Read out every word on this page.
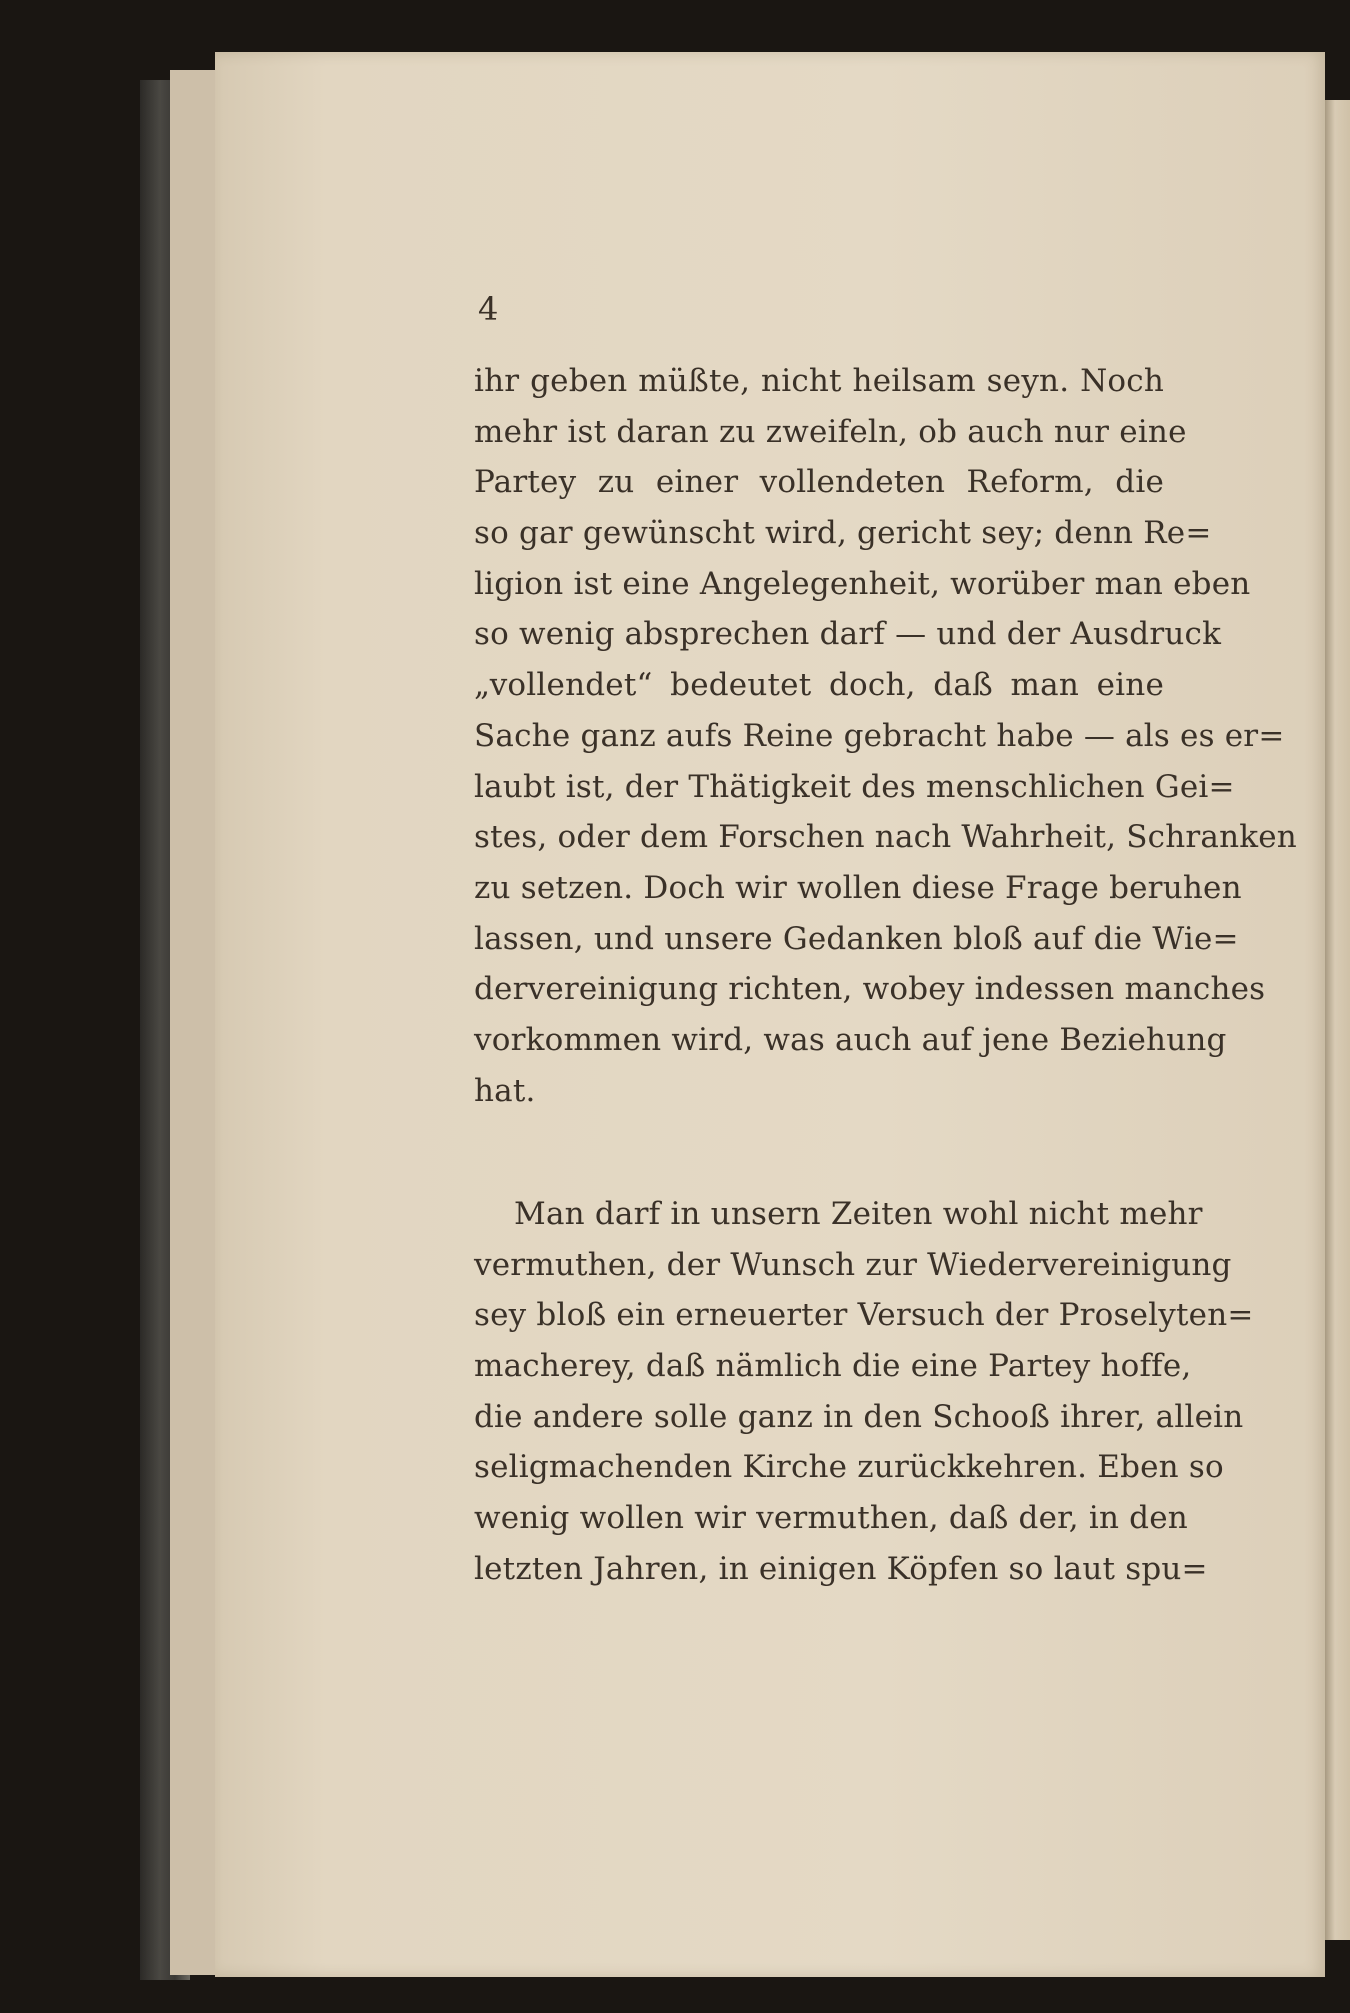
4
ihr geben müßte, nicht heilsam seyn. Noch
mehr ist daran zu zweifeln, ob auch nur eine
Partey zu einer vollendeten Reform, die
so gar gewünscht wird, gericht sey; denn Re=
ligion ist eine Angelegenheit, worüber man eben
so wenig absprechen darf — und der Ausdruck
„vollendet“ bedeutet doch, daß man eine
Sache ganz aufs Reine gebracht habe — als es er=
laubt ist, der Thätigkeit des menschlichen Gei=
stes, oder dem Forschen nach Wahrheit, Schranken
zu setzen. Doch wir wollen diese Frage beruhen
lassen, und unsere Gedanken bloß auf die Wie=
dervereinigung richten, wobey indessen manches
vorkommen wird, was auch auf jene Beziehung
hat.
Man darf in unsern Zeiten wohl nicht mehr
vermuthen, der Wunsch zur Wiedervereinigung
sey bloß ein erneuerter Versuch der Proselyten=
macherey, daß nämlich die eine Partey hoffe,
die andere solle ganz in den Schooß ihrer, allein
seligmachenden Kirche zurückkehren. Eben so
wenig wollen wir vermuthen, daß der, in den
letzten Jahren, in einigen Köpfen so laut spu=
